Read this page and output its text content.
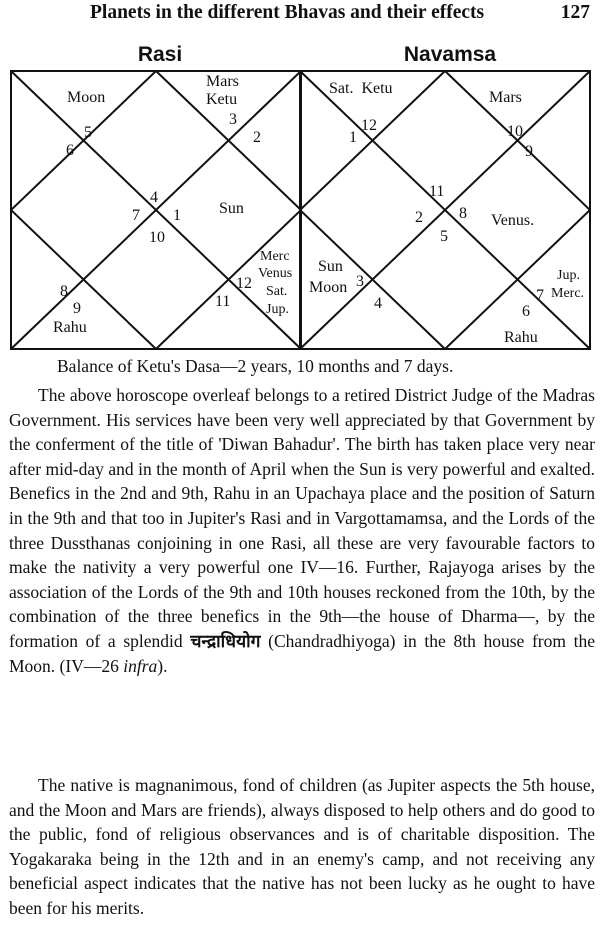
Planets in the different Bhavas and their effects	127
Rasi	Navamsa
Moon
Mars
Ketu
Sun
Merc
Venus
Sat.
Jup.
Rahu
5
6
3
2
4
7 1
10
8
9
12
11
Sat.  Ketu
Mars
Venus.
Sun
Moon
Jup.
Merc.
Rahu
12
1	10
9
11
2 8
5
3
4	7
6
Balance of Ketu's Dasa—2 years, 10 months and 7 days.

The above horoscope overleaf belongs to a retired District Judge of the Madras Government. His services have been very well appreciated by that Government by the conferment of the title of 'Diwan Bahadur'. The birth has taken place very near after mid-day and in the month of April when the Sun is very powerful and exalted. Benefics in the 2nd and 9th, Rahu in an Upachaya place and the position of Saturn in the 9th and that too in Jupiter's Rasi and in Vargottamamsa, and the Lords of the three Dussthanas conjoining in one Rasi, all these are very favourable factors to make the nativity a very powerful one IV—16. Further, Rajayoga arises by the association of the Lords of the 9th and 10th houses reckoned from the 10th, by the combination of the three benefics in the 9th—the house of Dharma—, by the formation of a splendid चन्द्राधियोग (Chandradhiyoga) in the 8th house from the Moon. (IV—26 infra).

The native is magnanimous, fond of children (as Jupiter aspects the 5th house, and the Moon and Mars are friends), always disposed to help others and do good to the public, fond of religious observances and is of charitable disposition. The Yogakaraka being in the 12th and in an enemy's camp, and not receiving any beneficial aspect indicates that the native has not been lucky as he ought to have been for his merits.
